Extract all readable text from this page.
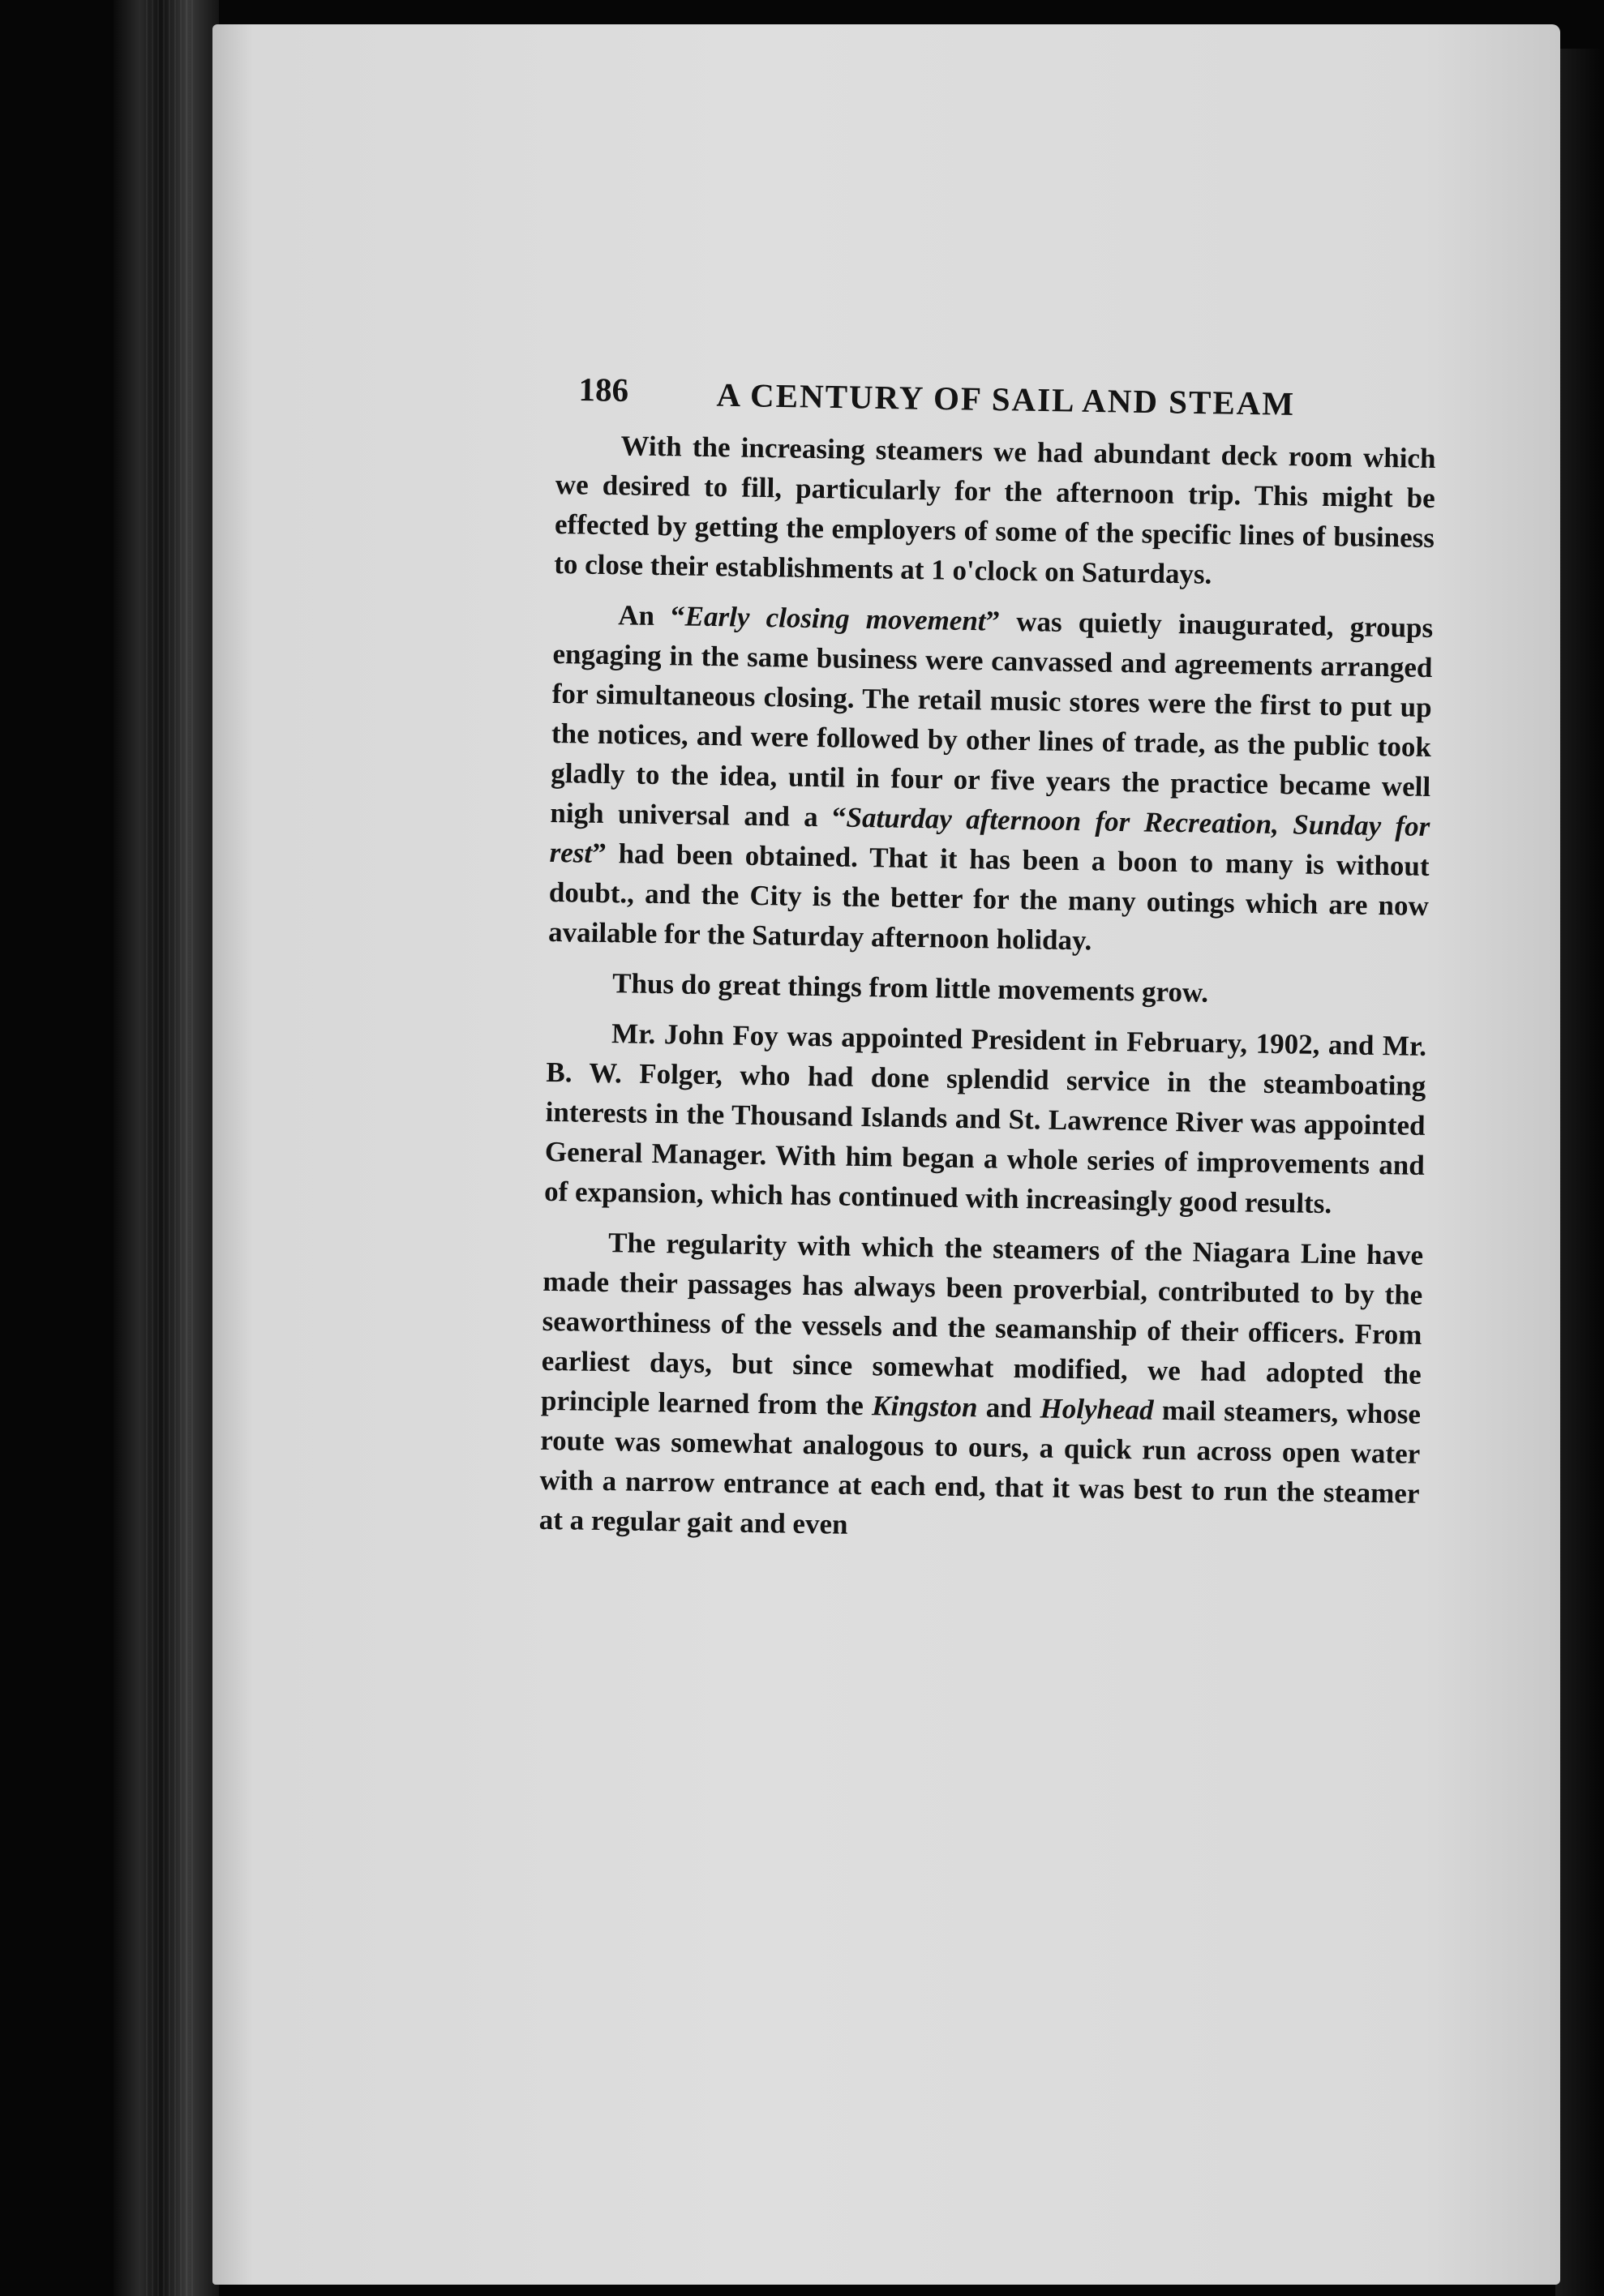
186	A CENTURY OF SAIL AND STEAM

With the increasing steamers we had abundant deck room which we desired to fill, particularly for the afternoon trip. This might be effected by getting the employers of some of the specific lines of business to close their establishments at 1 o'clock on Saturdays.

An “Early closing movement” was quietly inaugurated, groups engaging in the same business were canvassed and agreements arranged for simultaneous closing. The retail music stores were the first to put up the notices, and were followed by other lines of trade, as the public took gladly to the idea, until in four or five years the practice became well nigh universal and a “Saturday afternoon for Recreation, Sunday for rest” had been obtained. That it has been a boon to many is without doubt., and the City is the better for the many outings which are now available for the Saturday afternoon holiday.

Thus do great things from little movements grow.

Mr. John Foy was appointed President in February, 1902, and Mr. B. W. Folger, who had done splendid service in the steamboating interests in the Thousand Islands and St. Lawrence River was appointed General Manager. With him began a whole series of improvements and of expansion, which has continued with increasingly good results.

The regularity with which the steamers of the Niagara Line have made their passages has always been proverbial, contributed to by the seaworthiness of the vessels and the seamanship of their officers. From earliest days, but since somewhat modified, we had adopted the principle learned from the Kingston and Holyhead mail steamers, whose route was somewhat analogous to ours, a quick run across open water with a narrow entrance at each end, that it was best to run the steamer at a regular gait and even
